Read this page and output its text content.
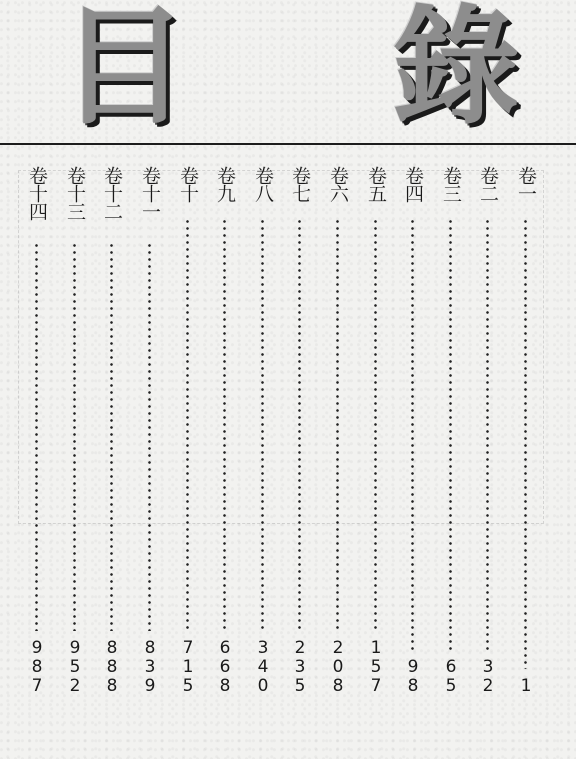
目 錄
卷一
1
卷二
3
2
卷三
6
5
卷四
9
8
卷五
1
5
7
卷六
2
0
8
卷七
2
3
5
卷八
3
4
0
卷九
6
6
8
卷十
7
1
5
卷十一
8
3
9
卷十二
8
8
8
卷十三
9
5
2
卷十四
9
8
7
